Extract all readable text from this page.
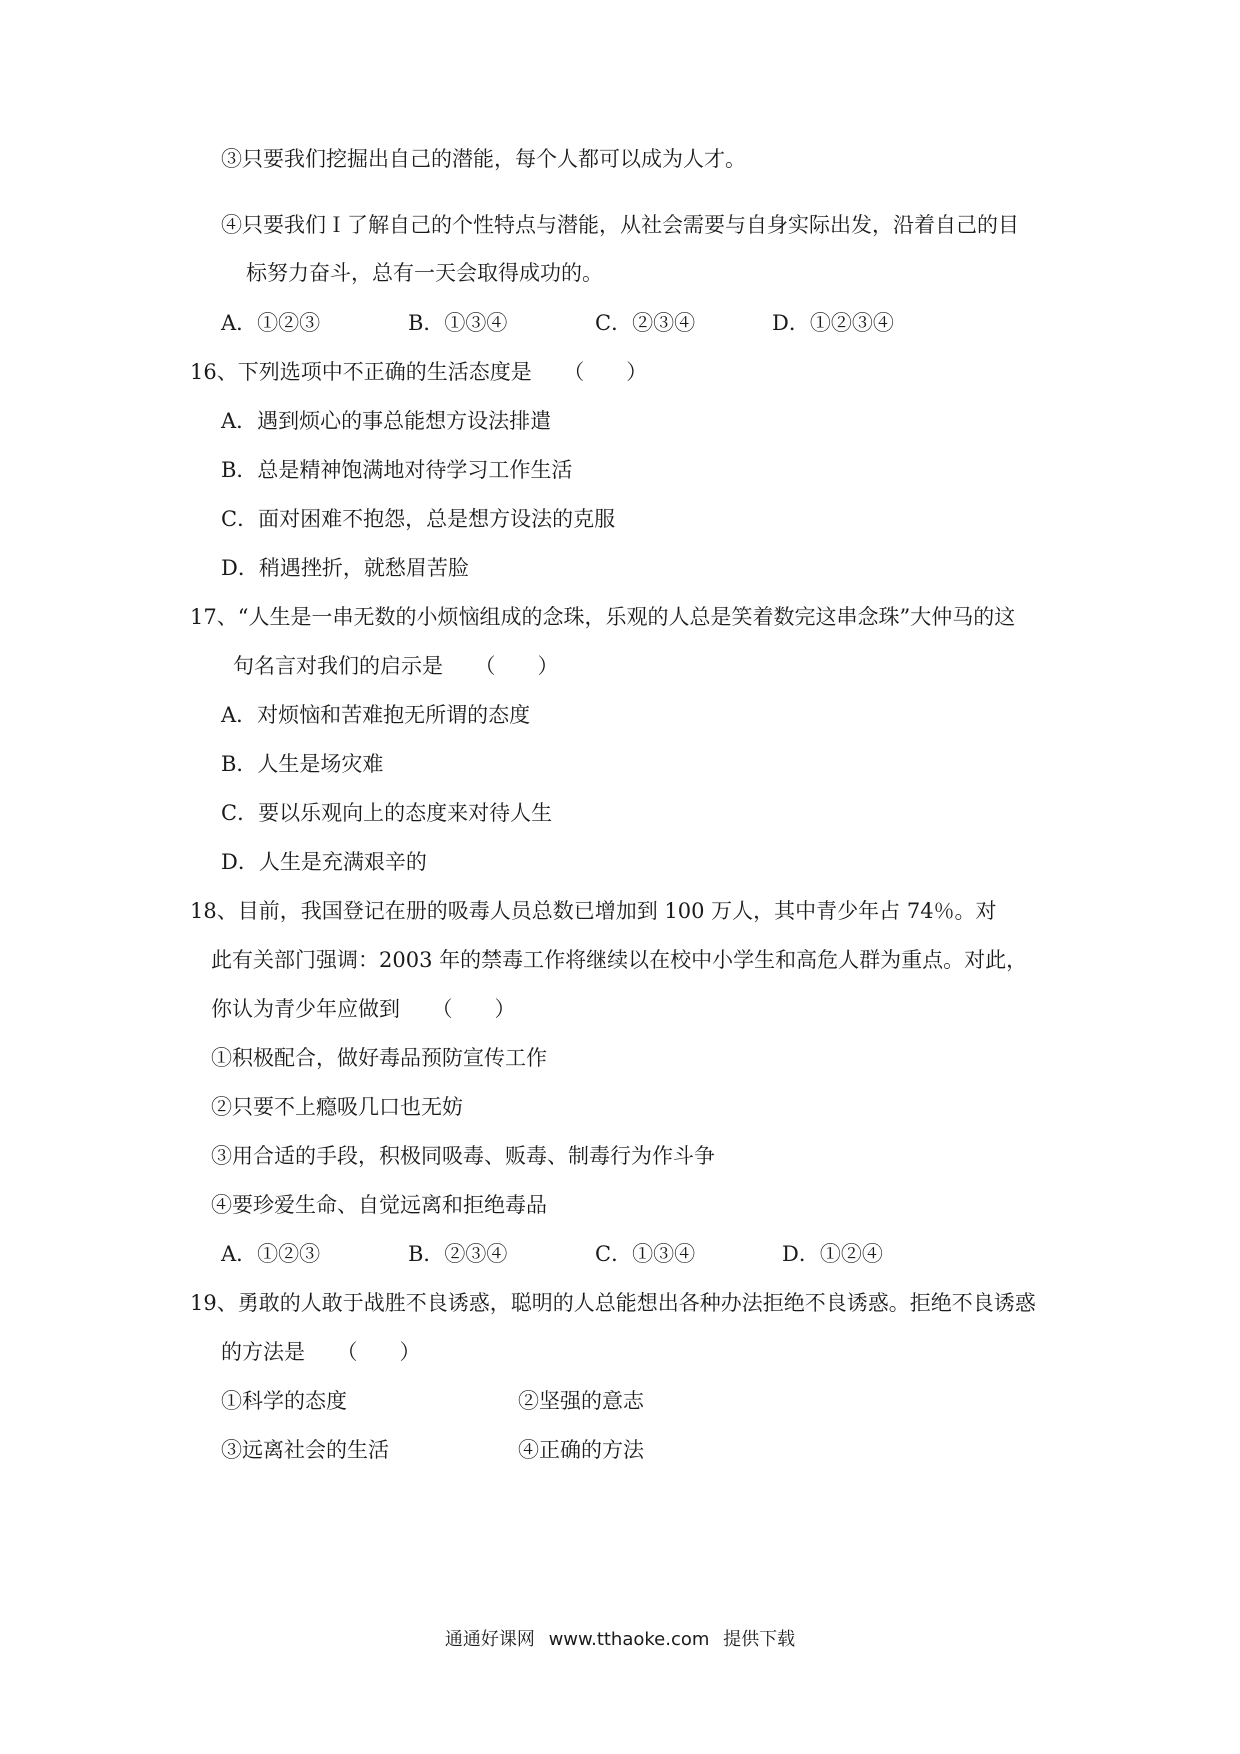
③只要我们挖掘出自己的潜能，每个人都可以成为人才。
④只要我们Ｉ了解自己的个性特点与潜能，从社会需要与自身实际出发，沿着自己的目
标努力奋斗，总有一天会取得成功的。
A．①②③	B．①③④	C．②③④	D．①②③④
16、下列选项中不正确的生活态度是　　（　　）
A．遇到烦心的事总能想方设法排遣
B．总是精神饱满地对待学习工作生活
C．面对困难不抱怨，总是想方设法的克服
D．稍遇挫折，就愁眉苦脸
17、“人生是一串无数的小烦恼组成的念珠，乐观的人总是笑着数完这串念珠”大仲马的这
句名言对我们的启示是　　（　　）
A．对烦恼和苦难抱无所谓的态度
B．人生是场灾难
C．要以乐观向上的态度来对待人生
D．人生是充满艰辛的
18、目前，我国登记在册的吸毒人员总数已增加到 100 万人，其中青少年占 74％。对
此有关部门强调：2003 年的禁毒工作将继续以在校中小学生和高危人群为重点。对此，
你认为青少年应做到　　（　　）
①积极配合，做好毒品预防宣传工作
②只要不上瘾吸几口也无妨
③用合适的手段，积极同吸毒、贩毒、制毒行为作斗争
④要珍爱生命、自觉远离和拒绝毒品
A．①②③	B．②③④	C．①③④	D．①②④
19、勇敢的人敢于战胜不良诱惑，聪明的人总能想出各种办法拒绝不良诱惑。拒绝不良诱惑
的方法是　　（　　）
①科学的态度	②坚强的意志
③远离社会的生活	④正确的方法
通通好课网 www.tthaoke.com 提供下载
